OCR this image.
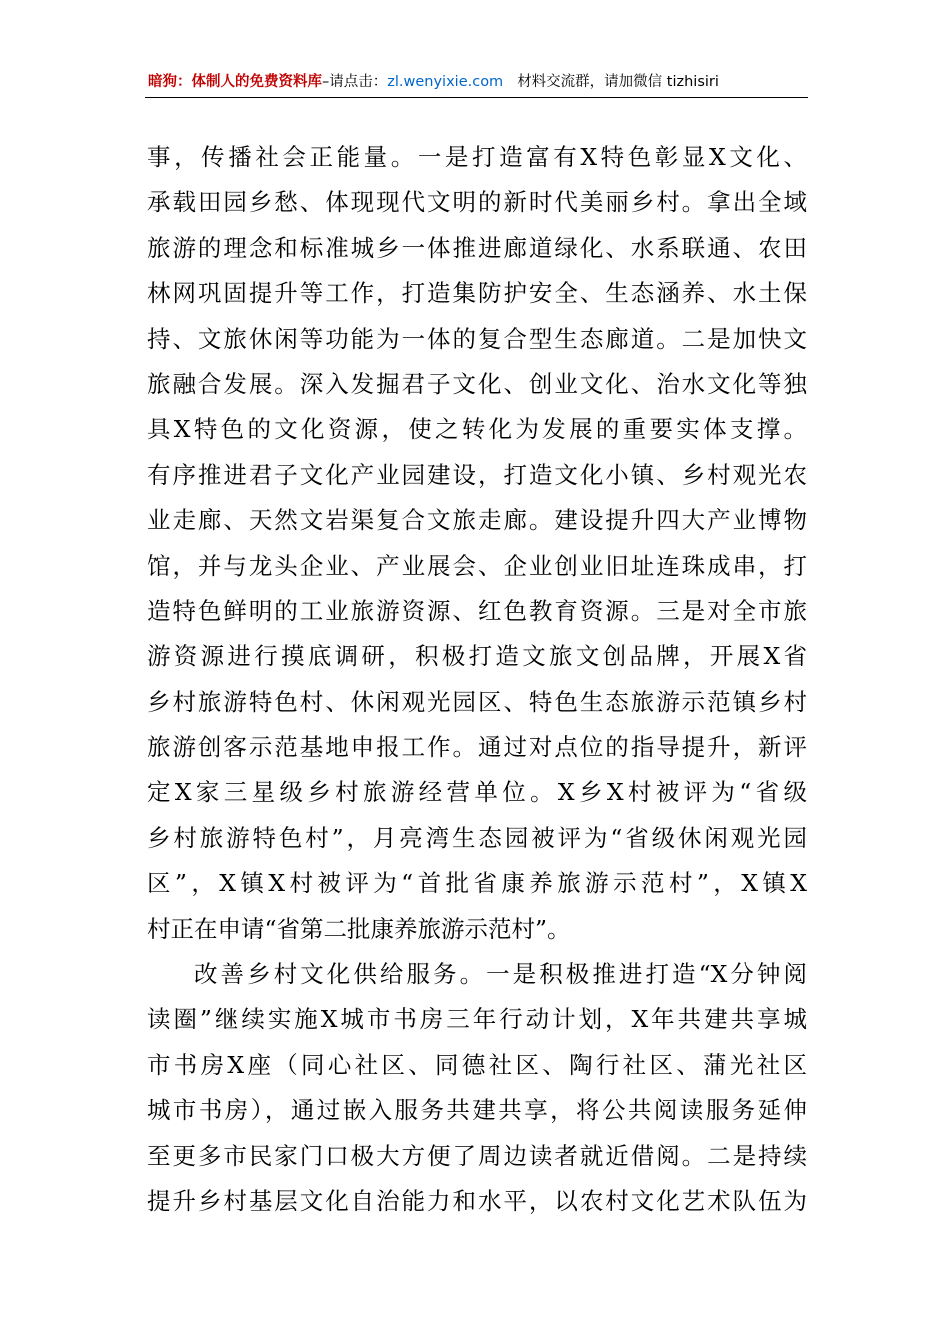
暗狗：体制人的免费资料库–请点击：zl.wenyixie.com 材料交流群，请加微信 tizhisiri
事，传播社会正能量。一是打造富有X特色彰显X文化、
承载田园乡愁、体现现代文明的新时代美丽乡村。拿出全域
旅游的理念和标准城乡一体推进廊道绿化、水系联通、农田
林网巩固提升等工作，打造集防护安全、生态涵养、水土保
持、文旅休闲等功能为一体的复合型生态廊道。二是加快文
旅融合发展。深入发掘君子文化、创业文化、治水文化等独
具X特色的文化资源，使之转化为发展的重要实体支撑。
有序推进君子文化产业园建设，打造文化小镇、乡村观光农
业走廊、天然文岩渠复合文旅走廊。建设提升四大产业博物
馆，并与龙头企业、产业展会、企业创业旧址连珠成串，打
造特色鲜明的工业旅游资源、红色教育资源。三是对全市旅
游资源进行摸底调研，积极打造文旅文创品牌，开展X省
乡村旅游特色村、休闲观光园区、特色生态旅游示范镇乡村
旅游创客示范基地申报工作。通过对点位的指导提升，新评
定X家三星级乡村旅游经营单位。X乡X村被评为“省级
乡村旅游特色村”，月亮湾生态园被评为“省级休闲观光园
区”，X镇X村被评为“首批省康养旅游示范村”，X镇X
村正在申请“省第二批康养旅游示范村”。
改善乡村文化供给服务。一是积极推进打造“X分钟阅
读圈”继续实施X城市书房三年行动计划，X年共建共享城
市书房X座（同心社区、同德社区、陶行社区、蒲光社区
城市书房），通过嵌入服务共建共享，将公共阅读服务延伸
至更多市民家门口极大方便了周边读者就近借阅。二是持续
提升乡村基层文化自治能力和水平，以农村文化艺术队伍为
